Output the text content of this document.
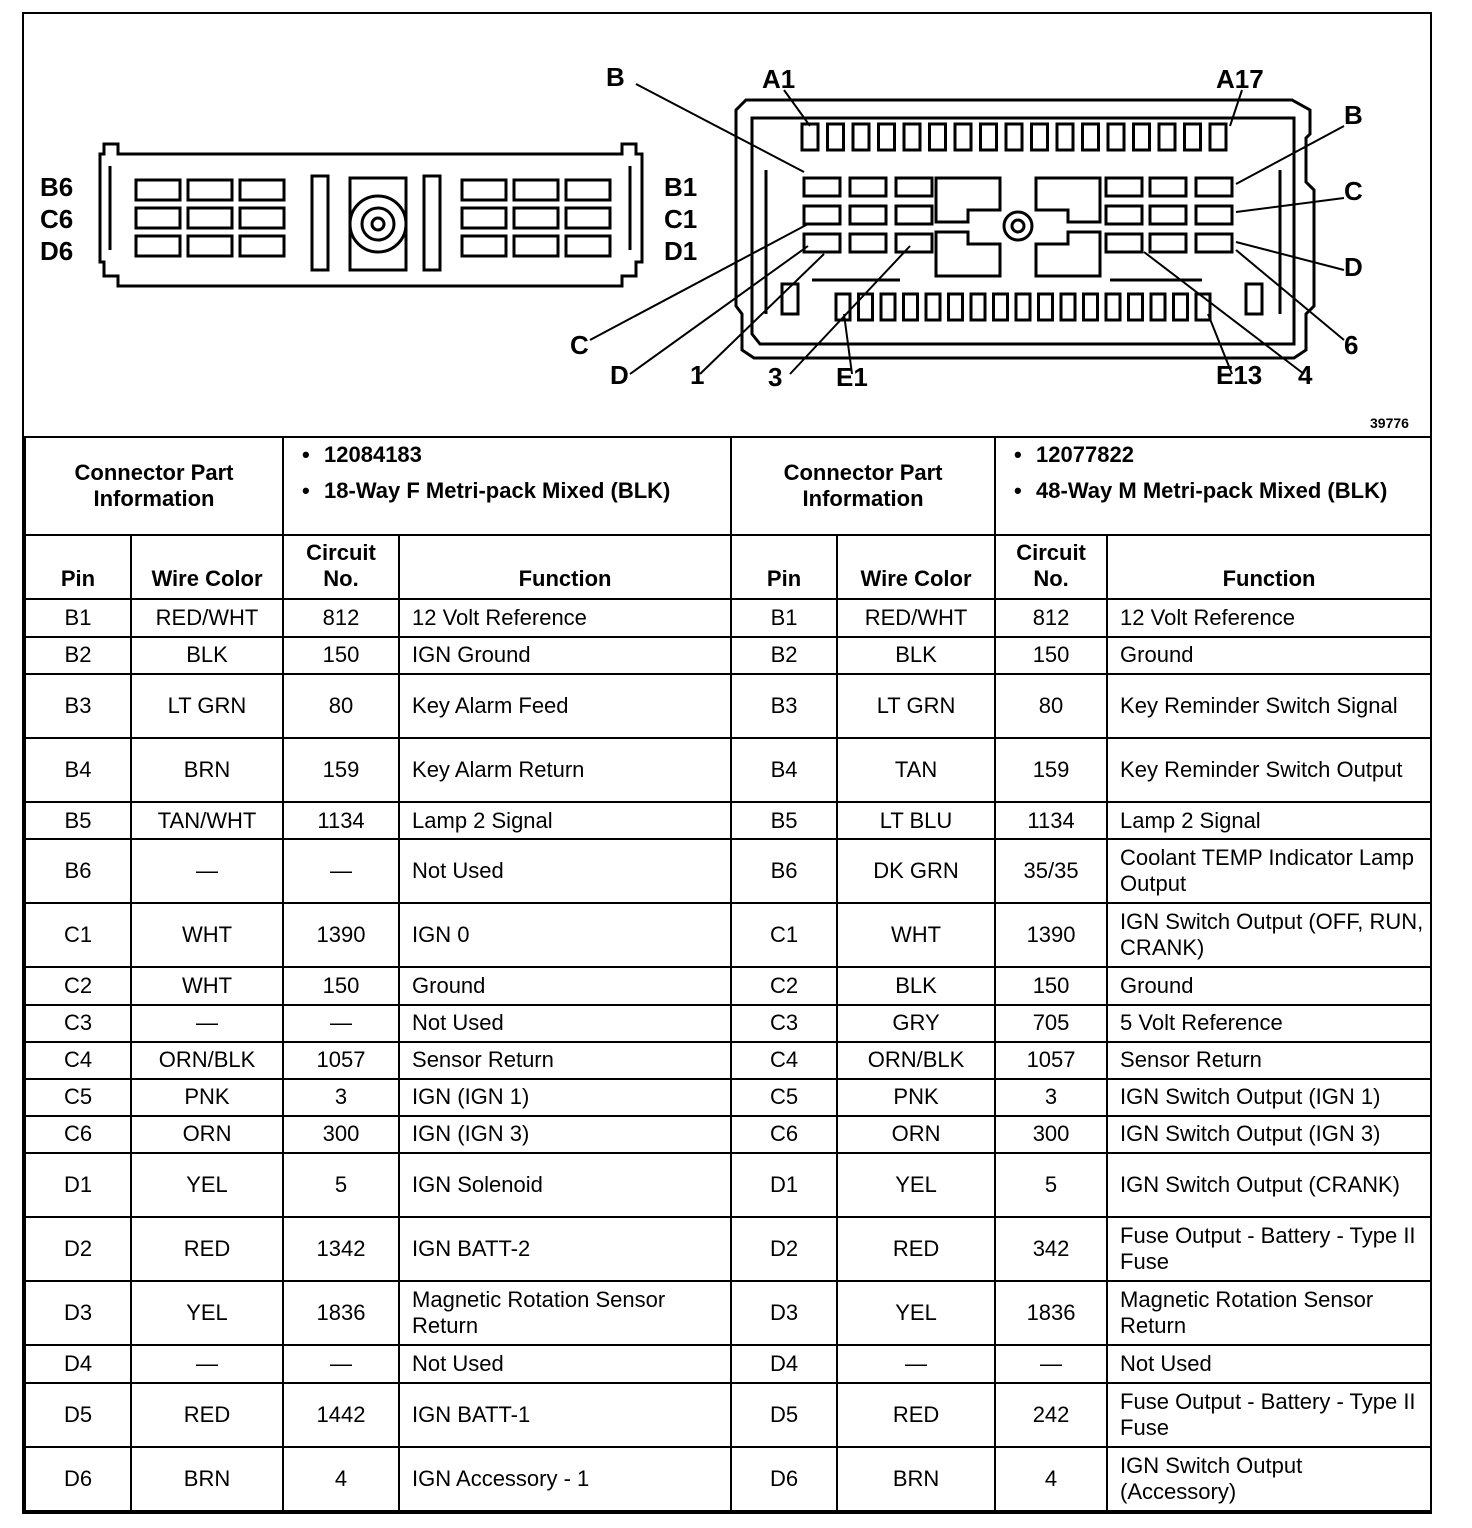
B6
C6
D6
B1
C1
D1
A1	A17
B
C
D
6
4
E13
E1
3
1
D
C
B
39776
Connector Part Information		• 12084183
• 18-Way F Metri-pack Mixed (BLK)		Connector Part Information		• 12077822
• 48-Way M Metri-pack Mixed (BLK)	

Pin	Wire Color	Circuit No.	Function	Pin	Wire Color	Circuit No.	Function
B1	RED/WHT	812	12 Volt Reference	B1	RED/WHT	812	12 Volt Reference
B2	BLK	150	IGN Ground	B2	BLK	150	Ground
B3	LT GRN	80	Key Alarm Feed	B3	LT GRN	80	Key Reminder Switch Signal
B4	BRN	159	Key Alarm Return	B4	TAN	159	Key Reminder Switch Output
B5	TAN/WHT	1134	Lamp 2 Signal	B5	LT BLU	1134	Lamp 2 Signal
B6	—	—	Not Used	B6	DK GRN	35/35	Coolant TEMP Indicator Lamp Output
C1	WHT	1390	IGN 0	C1	WHT	1390	IGN Switch Output (OFF, RUN, CRANK)
C2	WHT	150	Ground	C2	BLK	150	Ground
C3	—	—	Not Used	C3	GRY	705	5 Volt Reference
C4	ORN/BLK	1057	Sensor Return	C4	ORN/BLK	1057	Sensor Return
C5	PNK	3	IGN (IGN 1)	C5	PNK	3	IGN Switch Output (IGN 1)
C6	ORN	300	IGN (IGN 3)	C6	ORN	300	IGN Switch Output (IGN 3)
D1	YEL	5	IGN Solenoid	D1	YEL	5	IGN Switch Output (CRANK)
D2	RED	1342	IGN BATT-2	D2	RED	342	Fuse Output - Battery - Type II Fuse
D3	YEL	1836	Magnetic Rotation Sensor Return	D3	YEL	1836	Magnetic Rotation Sensor Return
D4	—	—	Not Used	D4	—	—	Not Used
D5	RED	1442	IGN BATT-1	D5	RED	242	Fuse Output - Battery - Type II Fuse
D6	BRN	4	IGN Accessory - 1	D6	BRN	4	IGN Switch Output (Accessory)
